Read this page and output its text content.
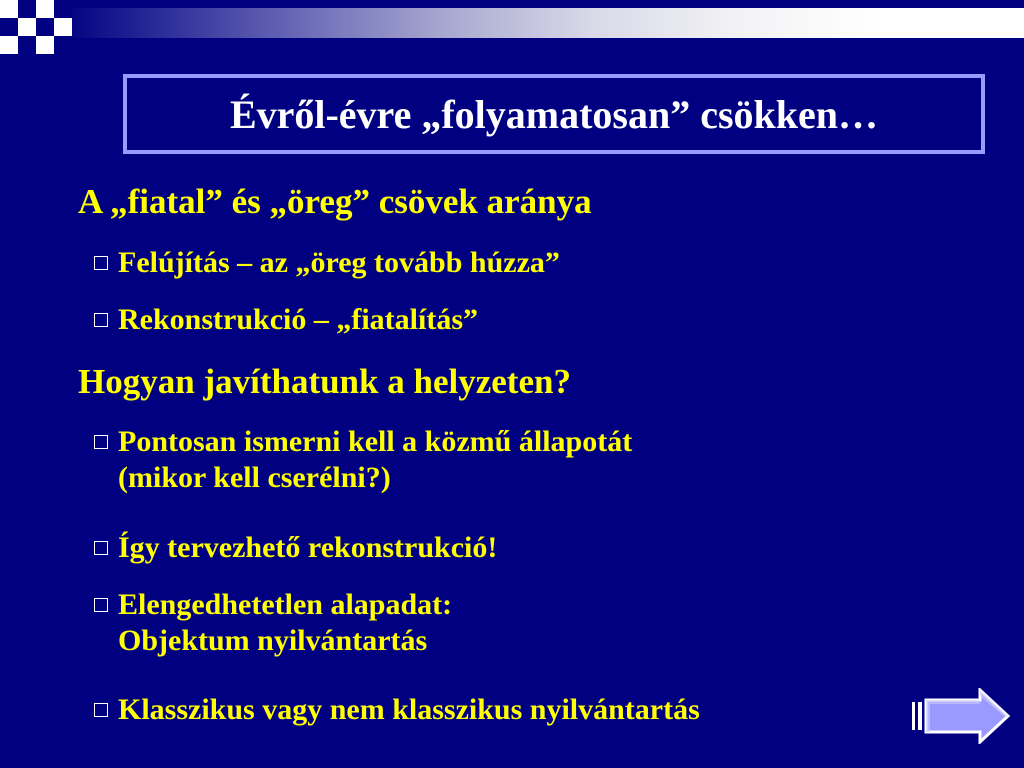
Évről-évre „folyamatosan” csökken…
A „fiatal” és „öreg” csövek aránya
Felújítás – az „öreg tovább húzza”
Rekonstrukció – „fiatalítás”
Hogyan javíthatunk a helyzeten?
Pontosan ismerni kell a közmű állapotát
(mikor kell cserélni?)
Így tervezhető rekonstrukció!
Elengedhetetlen alapadat:
Objektum nyilvántartás
Klasszikus vagy nem klasszikus nyilvántartás
